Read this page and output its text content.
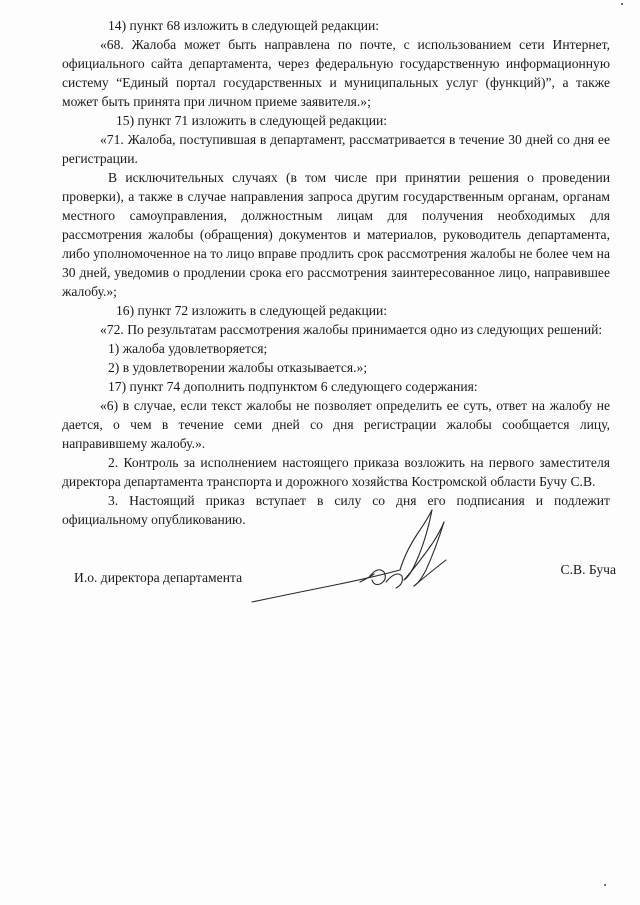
14) пункт 68 изложить в следующей редакции:

«68. Жалоба может быть направлена по почте, с использованием сети Интернет, официального сайта департамента, через федеральную государственную информационную систему “Единый портал государственных и муниципальных услуг (функций)”, а также может быть принята при личном приеме заявителя.»;

15) пункт 71 изложить в следующей редакции:

«71. Жалоба, поступившая в департамент, рассматривается в течение 30 дней со дня ее регистрации.

В исключительных случаях (в том числе при принятии решения о проведении проверки), а также в случае направления запроса другим государственным органам, органам местного самоуправления, должностным лицам для получения необходимых для рассмотрения жалобы (обращения) документов и материалов, руководитель департамента, либо уполномоченное на то лицо вправе продлить срок рассмотрения жалобы не более чем на 30 дней, уведомив о продлении срока его рассмотрения заинтересованное лицо, направившее жалобу.»;

16) пункт 72 изложить в следующей редакции:

«72. По результатам рассмотрения жалобы принимается одно из следующих решений:

1) жалоба удовлетворяется;

2) в удовлетворении жалобы отказывается.»;

17) пункт 74 дополнить подпунктом 6 следующего содержания:

«6) в случае, если текст жалобы не позволяет определить ее суть, ответ на жалобу не дается, о чем в течение семи дней со дня регистрации жалобы сообщается лицу, направившему жалобу.».

2. Контроль за исполнением настоящего приказа возложить на первого заместителя директора департамента транспорта и дорожного хозяйства Костромской области Бучу С.В.

3. Настоящий приказ вступает в силу со дня его подписания и подлежит официальному опубликованию.

И.о. директора департамента
С.В. Буча
